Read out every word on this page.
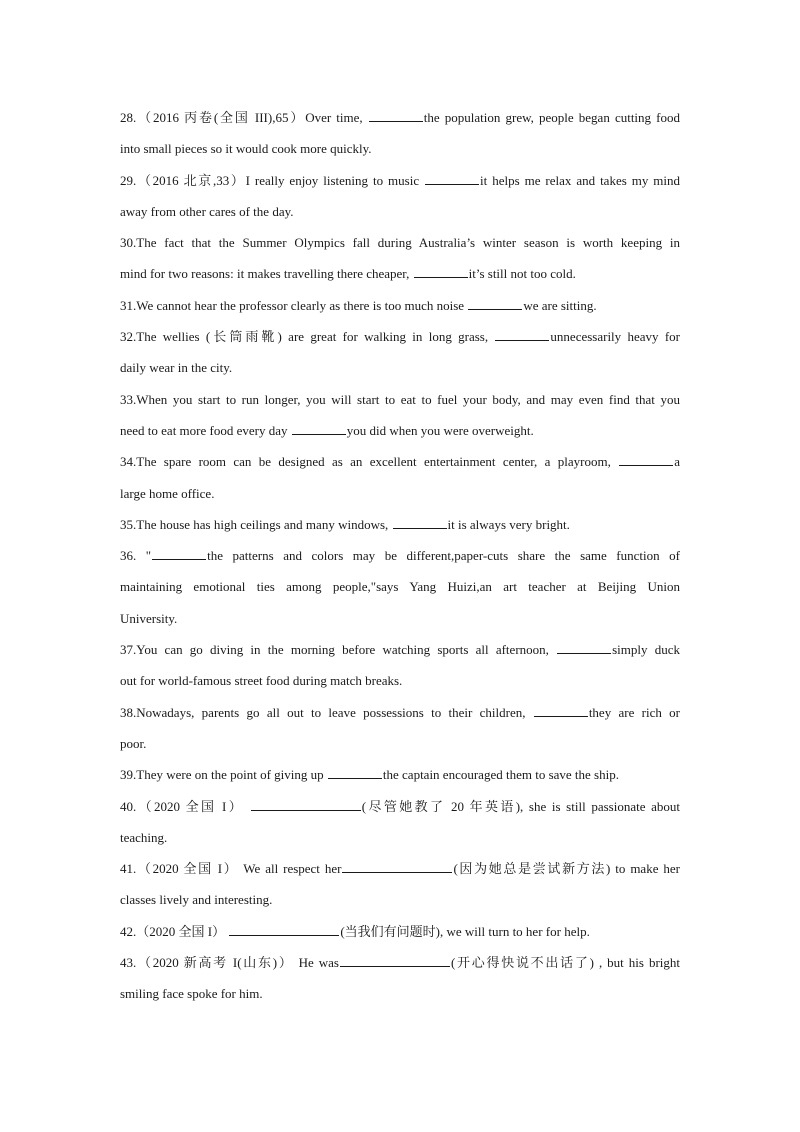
28.（2016 丙卷(全国 III),65）Over time,	the population grew, people began cutting food
into small pieces so it would cook more quickly.
29.（2016 北京,33）I really enjoy listening to music	it helps me relax and takes my mind
away from other cares of the day.
30.The fact that the Summer Olympics fall during Australia’s winter season is worth keeping in
mind for two reasons: it makes travelling there cheaper,	it’s still not too cold.
31.We cannot hear the professor clearly as there is too much noise	we are sitting.
32.The wellies (长筒雨靴) are great for walking in long grass,	unnecessarily heavy for
daily wear in the city.
33.When you start to run longer, you will start to eat to fuel your body, and may even find that you
need to eat more food every day	you did when you were overweight.
34.The spare room can be designed as an excellent entertainment center, a playroom,	a
large home office.
35.The house has high ceilings and many windows,	it is always very bright.
36. "	the patterns and colors may be different,paper-cuts share the same function of
maintaining emotional ties among people,"says Yang Huizi,an art teacher at Beijing Union
University.
37.You can go diving in the morning before watching sports all afternoon,	simply duck
out for world-famous street food during match breaks.
38.Nowadays, parents go all out to leave possessions to their children,	they are rich or
poor.
39.They were on the point of giving up	the captain encouraged them to save the ship.
40.（2020 全国 I）	(尽管她教了 20 年英语), she is still passionate about
teaching.
41.（2020 全国 I） We all respect her	(因为她总是尝试新方法) to make her
classes lively and interesting.
42.（2020 全国 I）	(当我们有问题时), we will turn to her for help.
43.（2020 新高考 I(山东)） He was	(开心得快说不出话了) , but his bright
smiling face spoke for him.
